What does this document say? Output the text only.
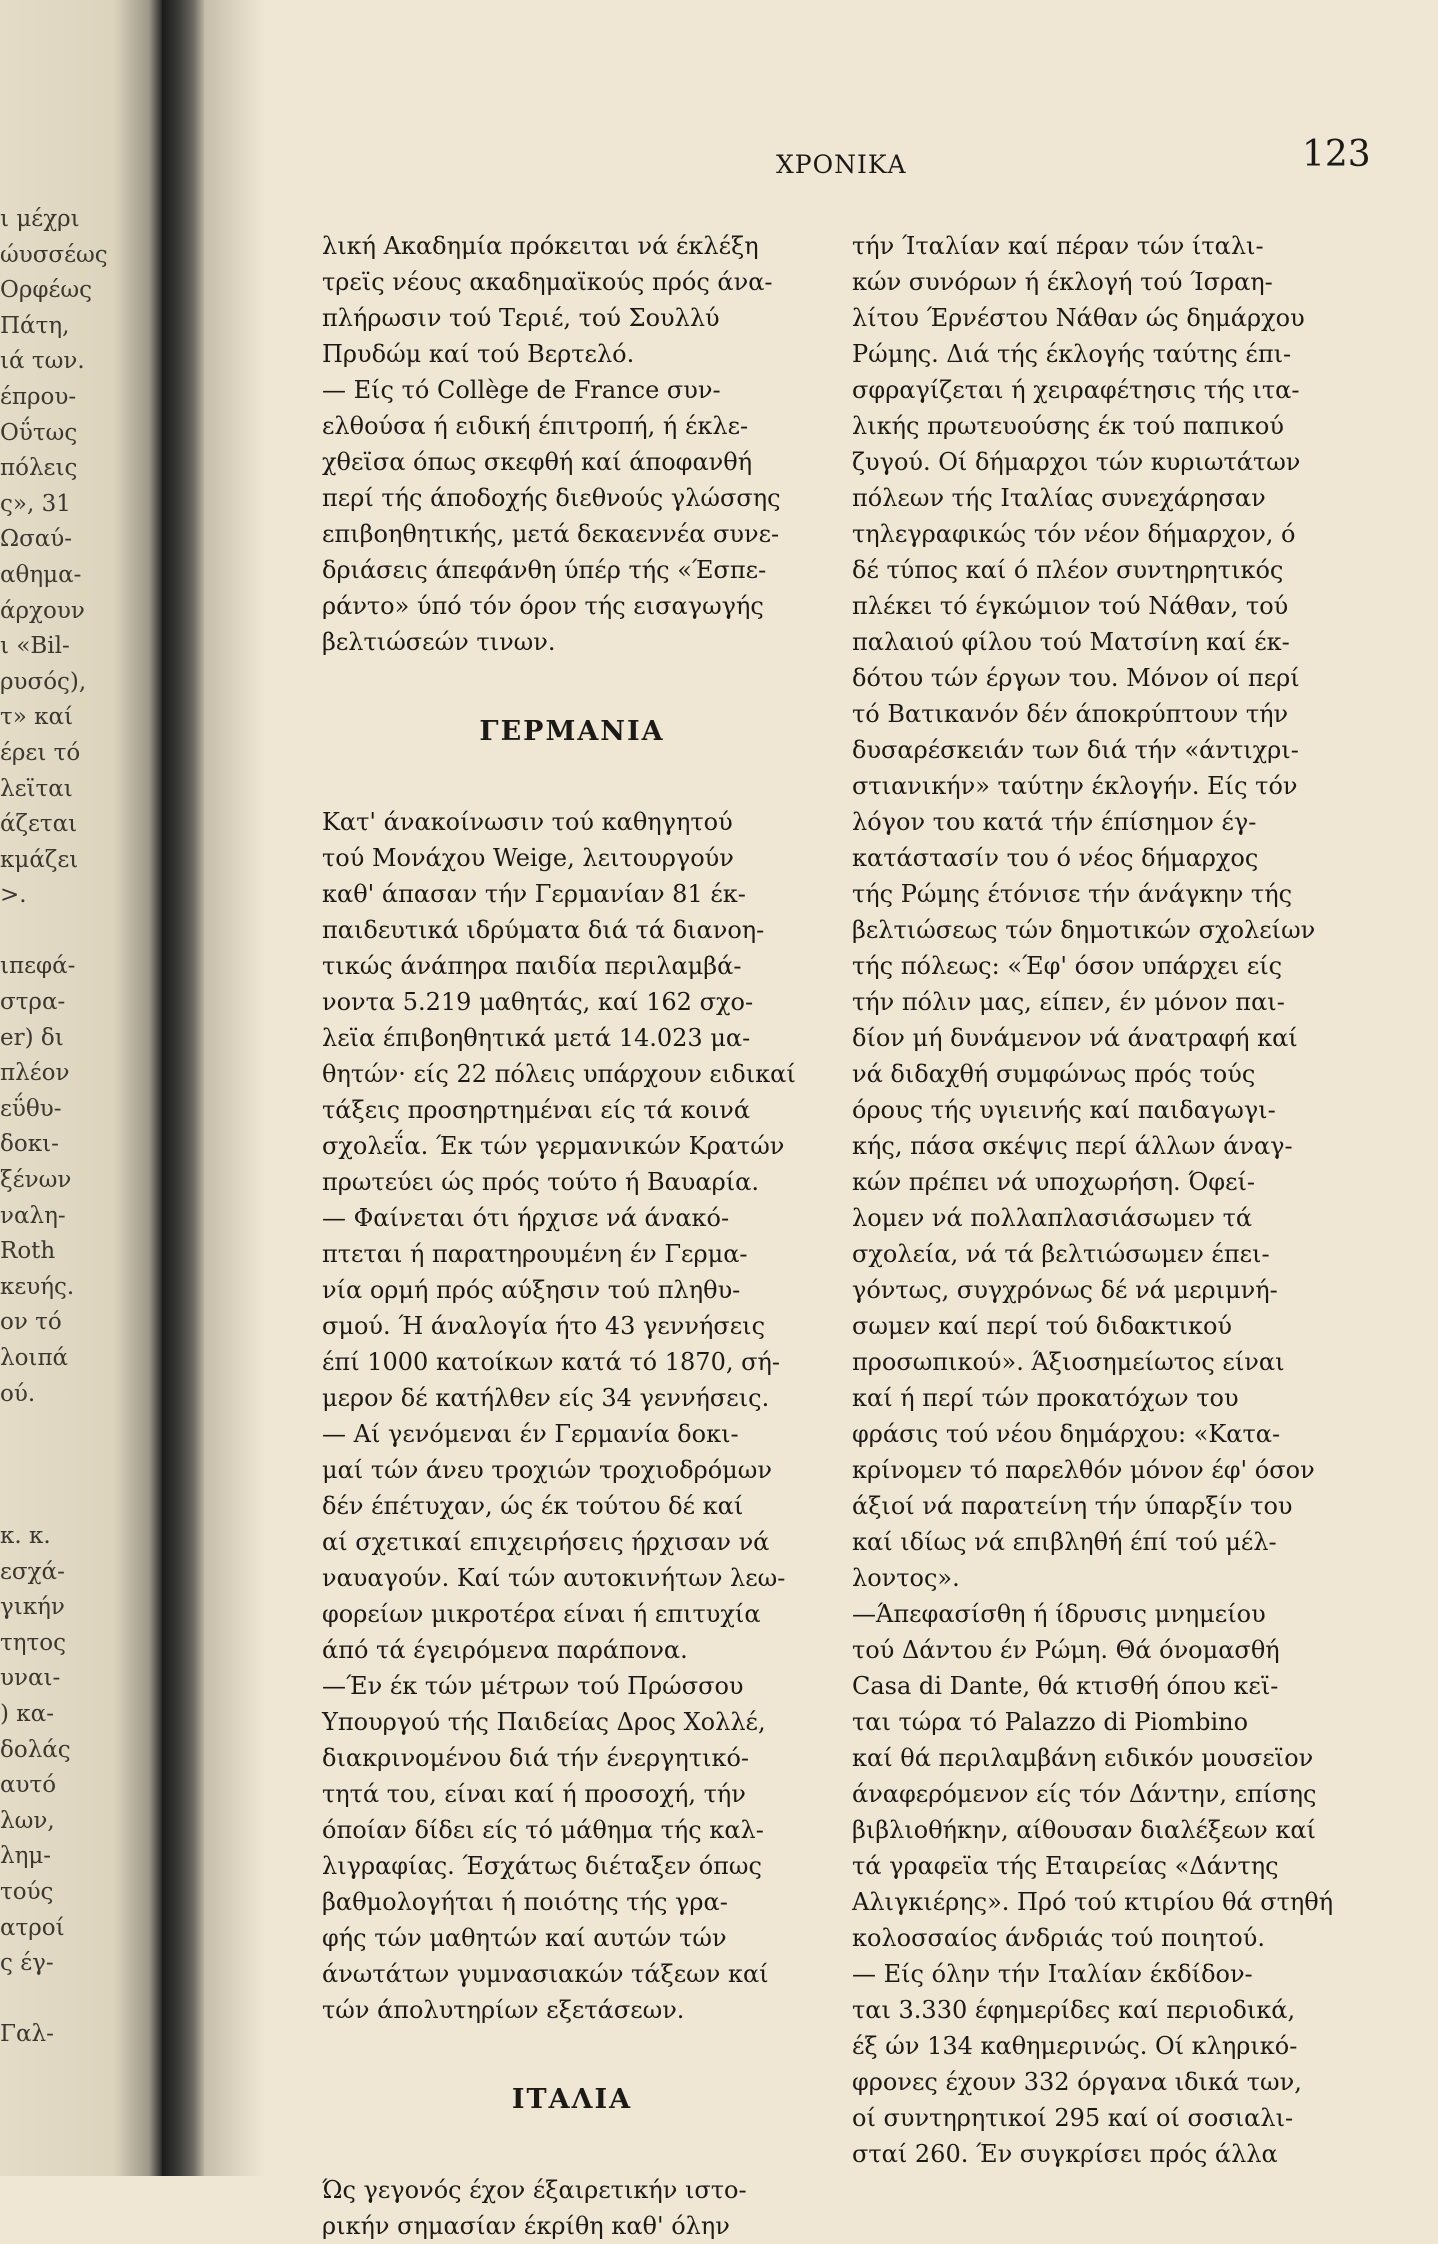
ι μέχρι
ώυσσέως
Ορφέως
Πάτη,
ιά των.
έπρου-
Οΰτως
πόλεις
ς», 31
Ωσαύ-
αθημα-
άρχουν
ι «Bil-
ρυσός),
τ» καί
έρει τό
λεϊται
άζεται
κμάζει
>.

ιπεφά-
στρα-
er) δι
πλέον
εΰθυ-
δοκι-
ξένων
ναλη-
Roth
κευής.
ον τό
λοιπά
ού.

κ. κ.
εσχά-
γικήν
τητος
υναι-
) κα-
δολάς
αυτό
λων,
λημ-
τούς
ατροί
ς έγ-

Γαλ-
ΧΡΟΝΙΚΑ	123
λική Ακαδημία πρόκειται νά έκλέξη
τρεϊς νέους ακαδημαϊκούς πρός άνα-
πλήρωσιν τού Τεριέ, τού Σουλλύ
Πρυδώμ καί τού Βερτελό.
— Είς τό Collège de France συν-
ελθούσα ή ειδική έπιτροπή, ή έκλε-
χθεϊσα όπως σκεφθή καί άποφανθή
περί τής άποδοχής διεθνούς γλώσσης
επιβοηθητικής, μετά δεκαεννέα συνε-
δριάσεις άπεφάνθη ύπέρ τής «Έσπε-
ράντο» ύπό τόν όρον τής εισαγωγής
βελτιώσεών τινων.
ΓΕΡΜΑΝΙΑ
Κατ' άνακοίνωσιν τού καθηγητού
τού Μονάχου Weige, λειτουργούν
καθ' άπασαν τήν Γερμανίαν 81 έκ-
παιδευτικά ιδρύματα διά τά διανοη-
τικώς άνάπηρα παιδία περιλαμβά-
νοντα 5.219 μαθητάς, καί 162 σχο-
λεϊα έπιβοηθητικά μετά 14.023 μα-
θητών· είς 22 πόλεις υπάρχουν ειδικαί
τάξεις προσηρτημέναι είς τά κοινά
σχολεΐα. Έκ τών γερμανικών Κρατών
πρωτεύει ώς πρός τούτο ή Βαυαρία.
— Φαίνεται ότι ήρχισε νά άνακό-
πτεται ή παρατηρουμένη έν Γερμα-
νία ορμή πρός αύξησιν τού πληθυ-
σμού. Ή άναλογία ήτο 43 γεννήσεις
έπί 1000 κατοίκων κατά τό 1870, σή-
μερον δέ κατήλθεν είς 34 γεννήσεις.
— Αί γενόμεναι έν Γερμανία δοκι-
μαί τών άνευ τροχιών τροχιοδρόμων
δέν έπέτυχαν, ώς έκ τούτου δέ καί
αί σχετικαί επιχειρήσεις ήρχισαν νά
ναυαγούν. Καί τών αυτοκινήτων λεω-
φορείων μικροτέρα είναι ή επιτυχία
άπό τά έγειρόμενα παράπονα.
—Έν έκ τών μέτρων τού Πρώσσου
Υπουργού τής Παιδείας Δρος Χολλέ,
διακρινομένου διά τήν ένεργητικό-
τητά του, είναι καί ή προσοχή, τήν
όποίαν δίδει είς τό μάθημα τής καλ-
λιγραφίας. Έσχάτως διέταξεν όπως
βαθμολογήται ή ποιότης τής γρα-
φής τών μαθητών καί αυτών τών
άνωτάτων γυμνασιακών τάξεων καί
τών άπολυτηρίων εξετάσεων.
ΙΤΑΛΙΑ
Ώς γεγονός έχον έξαιρετικήν ιστο-
ρικήν σημασίαν έκρίθη καθ' όλην
τήν Ίταλίαν καί πέραν τών ίταλι-
κών συνόρων ή έκλογή τού Ίσραη-
λίτου Έρνέστου Νάθαν ώς δημάρχου
Ρώμης. Διά τής έκλογής ταύτης έπι-
σφραγίζεται ή χειραφέτησις τής ιτα-
λικής πρωτευούσης έκ τού παπικού
ζυγού. Οί δήμαρχοι τών κυριωτάτων
πόλεων τής Ιταλίας συνεχάρησαν
τηλεγραφικώς τόν νέον δήμαρχον, ό
δέ τύπος καί ό πλέον συντηρητικός
πλέκει τό έγκώμιον τού Νάθαν, τού
παλαιού φίλου τού Ματσίνη καί έκ-
δότου τών έργων του. Μόνον οί περί
τό Βατικανόν δέν άποκρύπτουν τήν
δυσαρέσκειάν των διά τήν «άντιχρι-
στιανικήν» ταύτην έκλογήν. Είς τόν
λόγον του κατά τήν έπίσημον έγ-
κατάστασίν του ό νέος δήμαρχος
τής Ρώμης έτόνισε τήν άνάγκην τής
βελτιώσεως τών δημοτικών σχολείων
τής πόλεως: «Έφ' όσον υπάρχει είς
τήν πόλιν μας, είπεν, έν μόνον παι-
δίον μή δυνάμενον νά άνατραφή καί
νά διδαχθή συμφώνως πρός τούς
όρους τής υγιεινής καί παιδαγωγι-
κής, πάσα σκέψις περί άλλων άναγ-
κών πρέπει νά υποχωρήση. Όφεί-
λομεν νά πολλαπλασιάσωμεν τά
σχολεία, νά τά βελτιώσωμεν έπει-
γόντως, συγχρόνως δέ νά μεριμνή-
σωμεν καί περί τού διδακτικού
προσωπικού». Άξιοσημείωτος είναι
καί ή περί τών προκατόχων του
φράσις τού νέου δημάρχου: «Κατα-
κρίνομεν τό παρελθόν μόνον έφ' όσον
άξιοί νά παρατείνη τήν ύπαρξίν του
καί ιδίως νά επιβληθή έπί τού μέλ-
λοντος».
—Άπεφασίσθη ή ίδρυσις μνημείου
τού Δάντου έν Ρώμη. Θά όνομασθή
Casa di Dante, θά κτισθή όπου κεϊ-
ται τώρα τό Palazzo di Piombino
καί θά περιλαμβάνη ειδικόν μουσεϊον
άναφερόμενον είς τόν Δάντην, επίσης
βιβλιοθήκην, αίθουσαν διαλέξεων καί
τά γραφεϊα τής Εταιρείας «Δάντης
Αλιγκιέρης». Πρό τού κτιρίου θά στηθή
κολοσσαίος άνδριάς τού ποιητού.
— Είς όλην τήν Ιταλίαν έκδίδον-
ται 3.330 έφημερίδες καί περιοδικά,
έξ ών 134 καθημερινώς. Οί κληρικό-
φρονες έχουν 332 όργανα ιδικά των,
οί συντηρητικοί 295 καί οί σοσιαλι-
σταί 260. Έν συγκρίσει πρός άλλα
